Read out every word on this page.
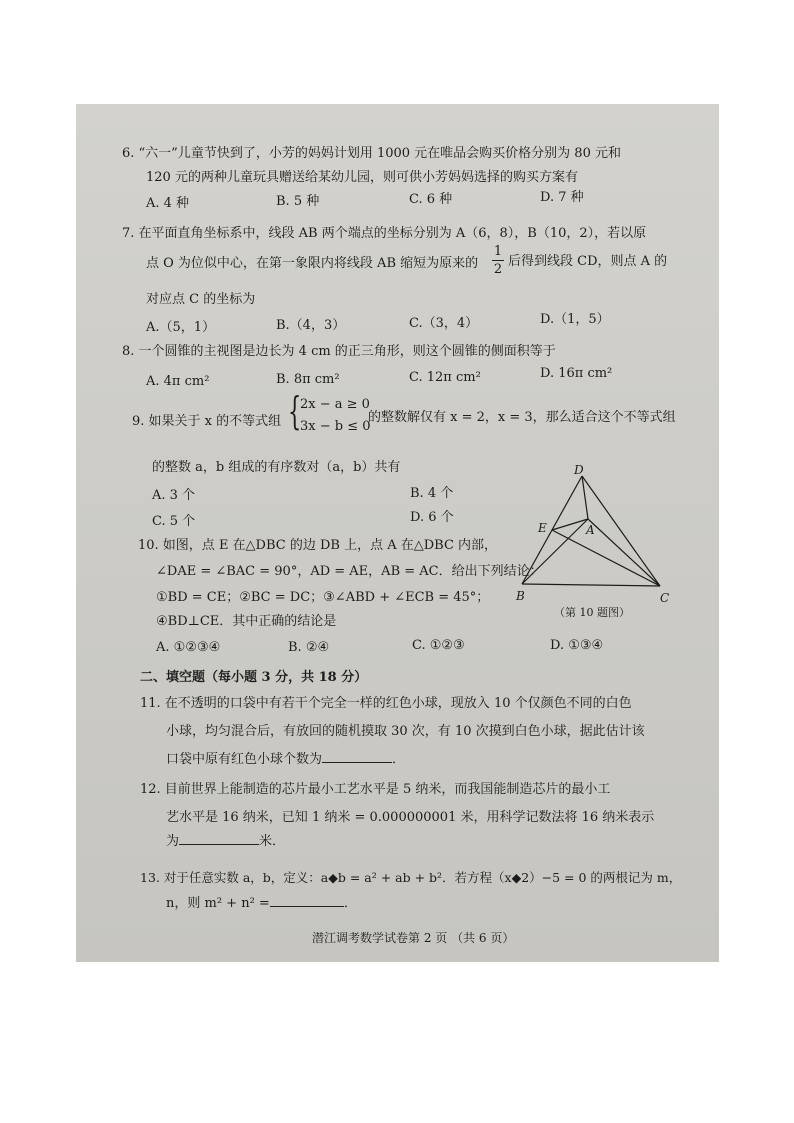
6. “六一”儿童节快到了，小芳的妈妈计划用 1000 元在唯品会购买价格分别为 80 元和
120 元的两种儿童玩具赠送给某幼儿园，则可供小芳妈妈选择的购买方案有
A. 4 种	B. 5 种	C. 6 种	D. 7 种
7. 在平面直角坐标系中，线段 AB 两个端点的坐标分别为 A（6，8），B（10，2），若以原
点 O 为位似中心，在第一象限内将线段 AB 缩短为原来的
1
2
后得到线段 CD，则点 A 的
对应点 C 的坐标为
A.（5，1）	B.（4，3）	C.（3，4）	D.（1，5）
8. 一个圆锥的主视图是边长为 4 cm 的正三角形，则这个圆锥的侧面积等于
A. 4π cm²	B. 8π cm²	C. 12π cm²	D. 16π cm²
9. 如果关于 x 的不等式组 {
2x − a ≥ 0
3x − b ≤ 0
的整数解仅有 x = 2，x = 3，那么适合这个不等式组
的整数 a，b 组成的有序数对（a，b）共有
A. 3 个	B. 4 个
C. 5 个	D. 6 个
10. 如图，点 E 在△DBC 的边 DB 上，点 A 在△DBC 内部，
∠DAE = ∠BAC = 90°，AD = AE，AB = AC．给出下列结论：
①BD = CE；②BC = DC；③∠ABD + ∠ECB = 45°；
④BD⊥CE．其中正确的结论是
A. ①②③④	B. ②④	C. ①②③	D. ①③④
D
E	A
B	C
（第 10 题图）
二、填空题（每小题 3 分，共 18 分）
11. 在不透明的口袋中有若干个完全一样的红色小球，现放入 10 个仅颜色不同的白色
小球，均匀混合后，有放回的随机摸取 30 次，有 10 次摸到白色小球，据此估计该
口袋中原有红色小球个数为	．
12. 目前世界上能制造的芯片最小工艺水平是 5 纳米，而我国能制造芯片的最小工
艺水平是 16 纳米，已知 1 纳米 = 0.000000001 米，用科学记数法将 16 纳米表示
为	米．
13. 对于任意实数 a，b，定义：a◆b = a² + ab + b²．若方程（x◆2）−5 = 0 的两根记为 m，
n，则 m² + n² =	．
潜江调考数学试卷第 2 页 （共 6 页）
